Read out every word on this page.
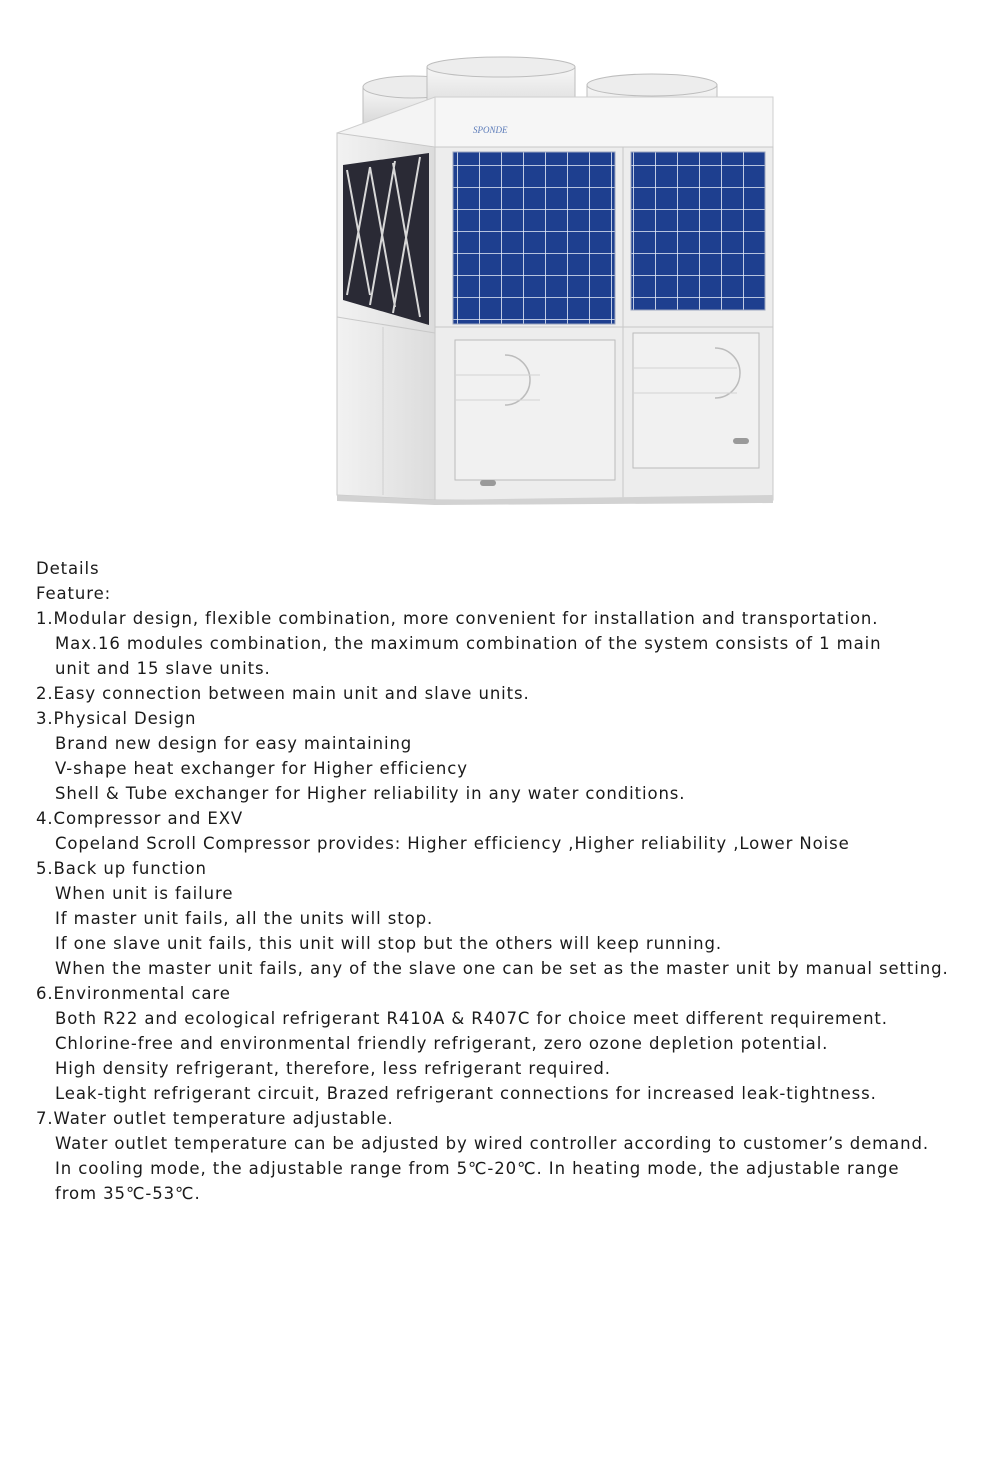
SPONDE
Details
Feature:
1.Modular design, flexible combination, more convenient for installation and transportation.
Max.16 modules combination, the maximum combination of the system consists of 1 main
unit and 15 slave units.
2.Easy connection between main unit and slave units.
3.Physical Design
Brand new design for easy maintaining
V-shape heat exchanger for Higher efficiency
Shell & Tube exchanger for Higher reliability in any water conditions.
4.Compressor and EXV
Copeland Scroll Compressor provides: Higher efficiency ,Higher reliability ,Lower Noise
5.Back up function
When unit is failure
If master unit fails, all the units will stop.
If one slave unit fails, this unit will stop but the others will keep running.
When the master unit fails, any of the slave one can be set as the master unit by manual setting.
6.Environmental care
Both R22 and ecological refrigerant R410A & R407C for choice meet different requirement.
Chlorine-free and environmental friendly refrigerant, zero ozone depletion potential.
High density refrigerant, therefore, less refrigerant required.
Leak-tight refrigerant circuit, Brazed refrigerant connections for increased leak-tightness.
7.Water outlet temperature adjustable.
Water outlet temperature can be adjusted by wired controller according to customer’s demand.
In cooling mode, the adjustable range from 5℃-20℃. In heating mode, the adjustable range
from 35℃-53℃.
